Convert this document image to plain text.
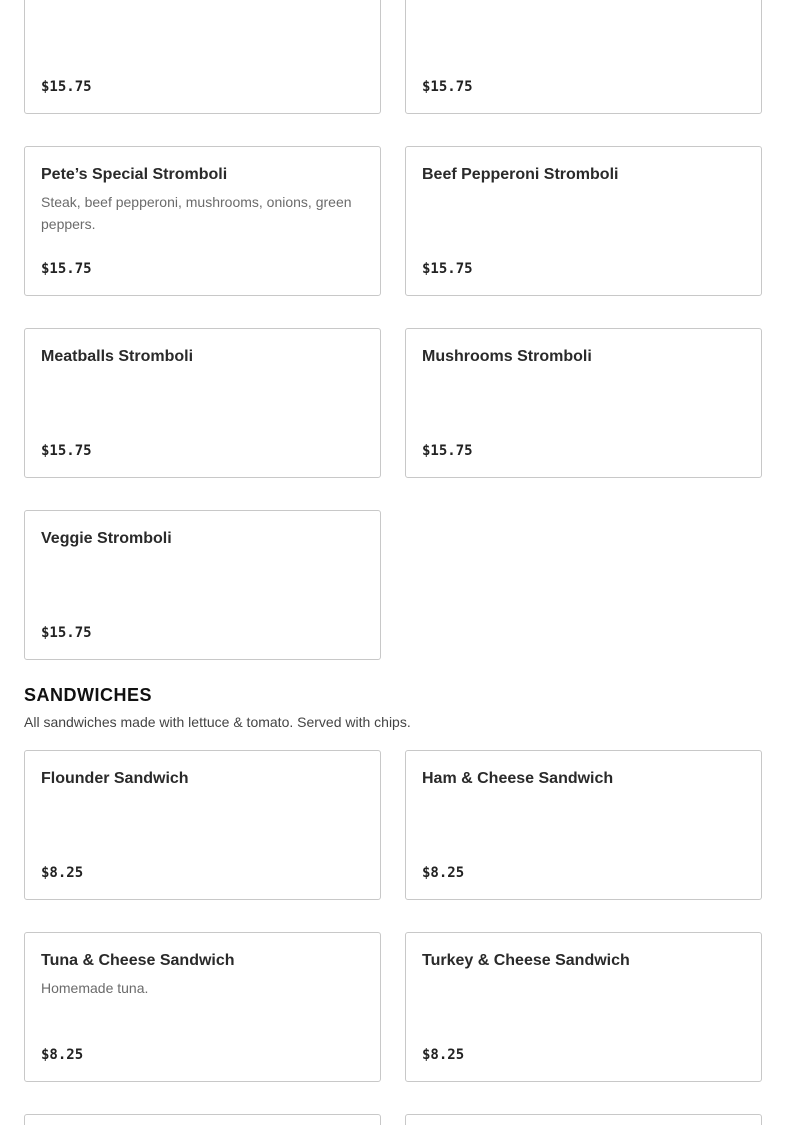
$15.75	$15.75
Pete’s Special Stromboli
Steak, beef pepperoni, mushrooms, onions, green peppers.
$15.75
Beef Pepperoni Stromboli
$15.75
Meatballs Stromboli
$15.75
Mushrooms Stromboli
$15.75
Veggie Stromboli
$15.75
SANDWICHES

All sandwiches made with lettuce & tomato. Served with chips.

Flounder Sandwich
$8.25
Ham & Cheese Sandwich
$8.25
Tuna & Cheese Sandwich
Homemade tuna.
$8.25
Turkey & Cheese Sandwich
$8.25
